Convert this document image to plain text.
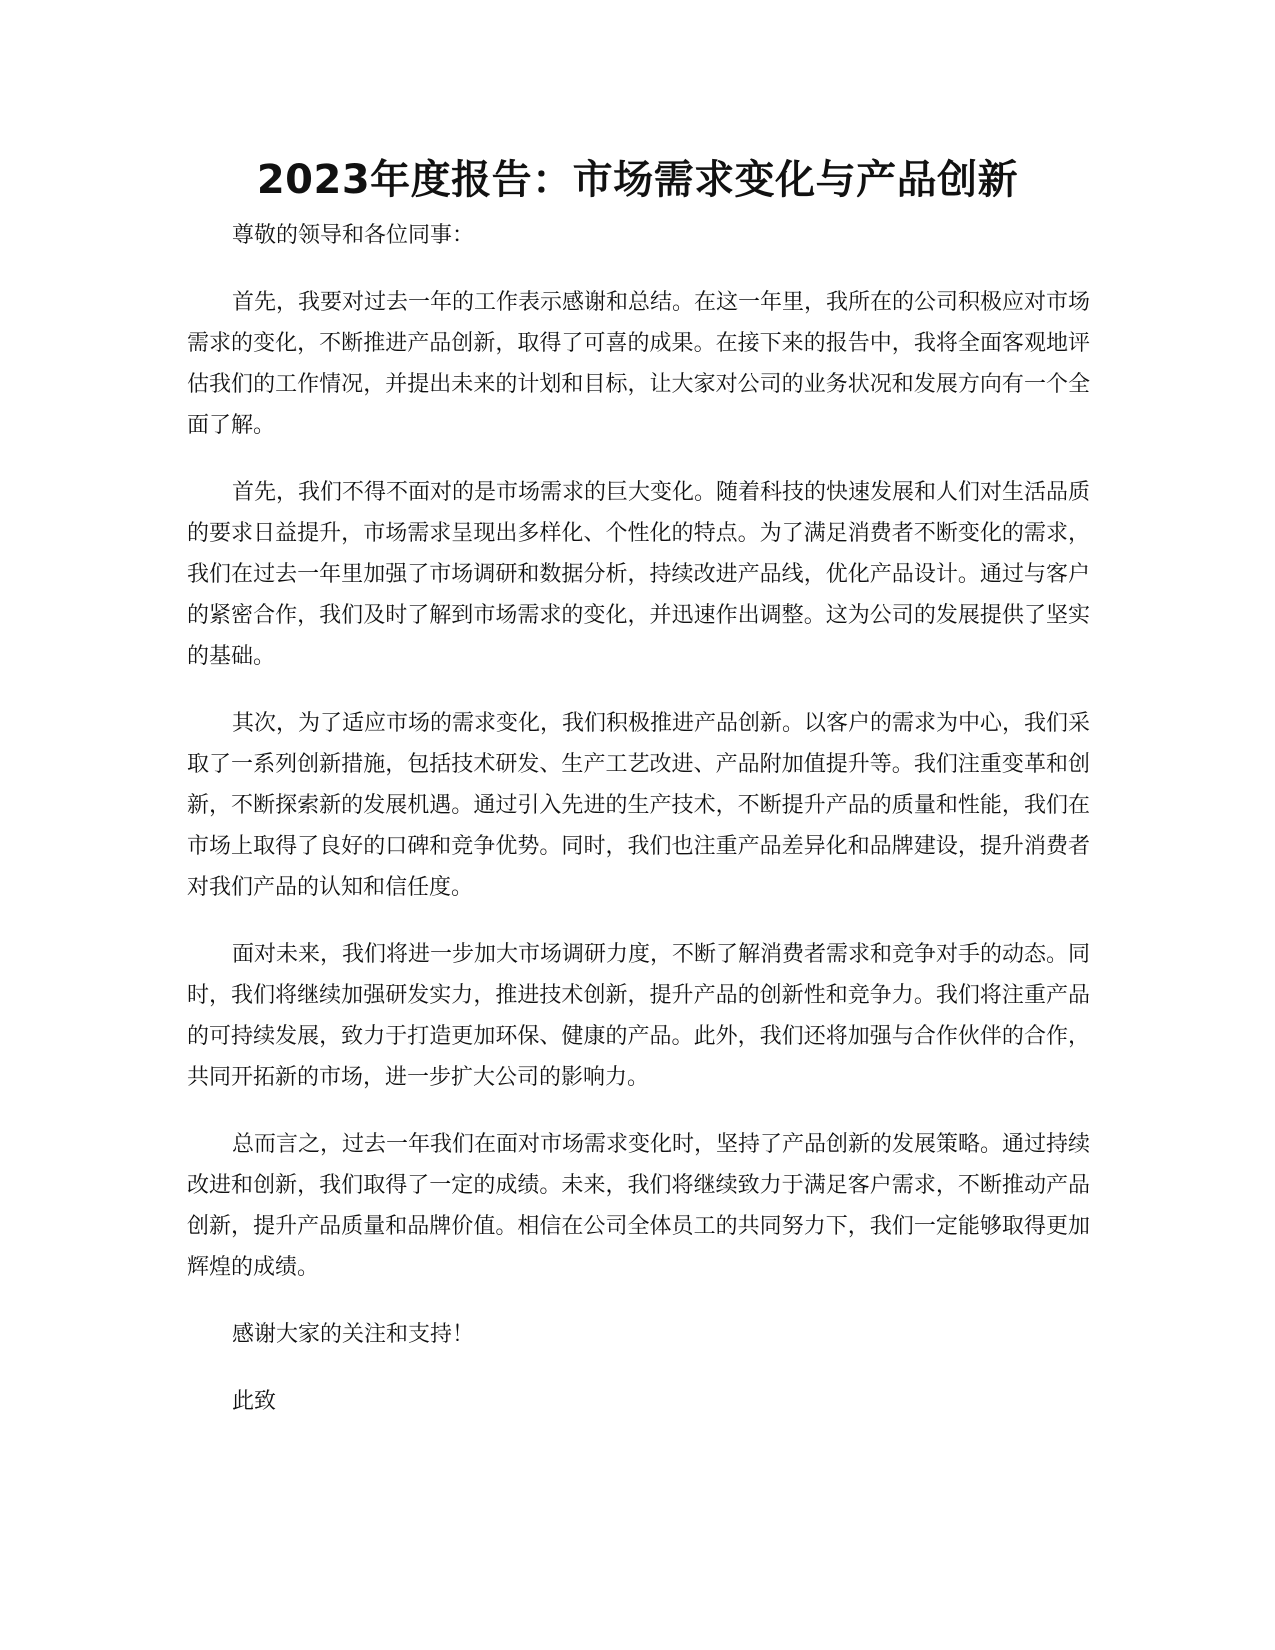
2023年度报告：市场需求变化与产品创新

尊敬的领导和各位同事：

首先，我要对过去一年的工作表示感谢和总结。在这一年里，我所在的公司积极应对市场需求的变化，不断推进产品创新，取得了可喜的成果。在接下来的报告中，我将全面客观地评估我们的工作情况，并提出未来的计划和目标，让大家对公司的业务状况和发展方向有一个全面了解。

首先，我们不得不面对的是市场需求的巨大变化。随着科技的快速发展和人们对生活品质的要求日益提升，市场需求呈现出多样化、个性化的特点。为了满足消费者不断变化的需求，我们在过去一年里加强了市场调研和数据分析，持续改进产品线，优化产品设计。通过与客户的紧密合作，我们及时了解到市场需求的变化，并迅速作出调整。这为公司的发展提供了坚实的基础。

其次，为了适应市场的需求变化，我们积极推进产品创新。以客户的需求为中心，我们采取了一系列创新措施，包括技术研发、生产工艺改进、产品附加值提升等。我们注重变革和创新，不断探索新的发展机遇。通过引入先进的生产技术，不断提升产品的质量和性能，我们在市场上取得了良好的口碑和竞争优势。同时，我们也注重产品差异化和品牌建设，提升消费者对我们产品的认知和信任度。

面对未来，我们将进一步加大市场调研力度，不断了解消费者需求和竞争对手的动态。同时，我们将继续加强研发实力，推进技术创新，提升产品的创新性和竞争力。我们将注重产品的可持续发展，致力于打造更加环保、健康的产品。此外，我们还将加强与合作伙伴的合作，共同开拓新的市场，进一步扩大公司的影响力。

总而言之，过去一年我们在面对市场需求变化时，坚持了产品创新的发展策略。通过持续改进和创新，我们取得了一定的成绩。未来，我们将继续致力于满足客户需求，不断推动产品创新，提升产品质量和品牌价值。相信在公司全体员工的共同努力下，我们一定能够取得更加辉煌的成绩。

感谢大家的关注和支持！

此致
